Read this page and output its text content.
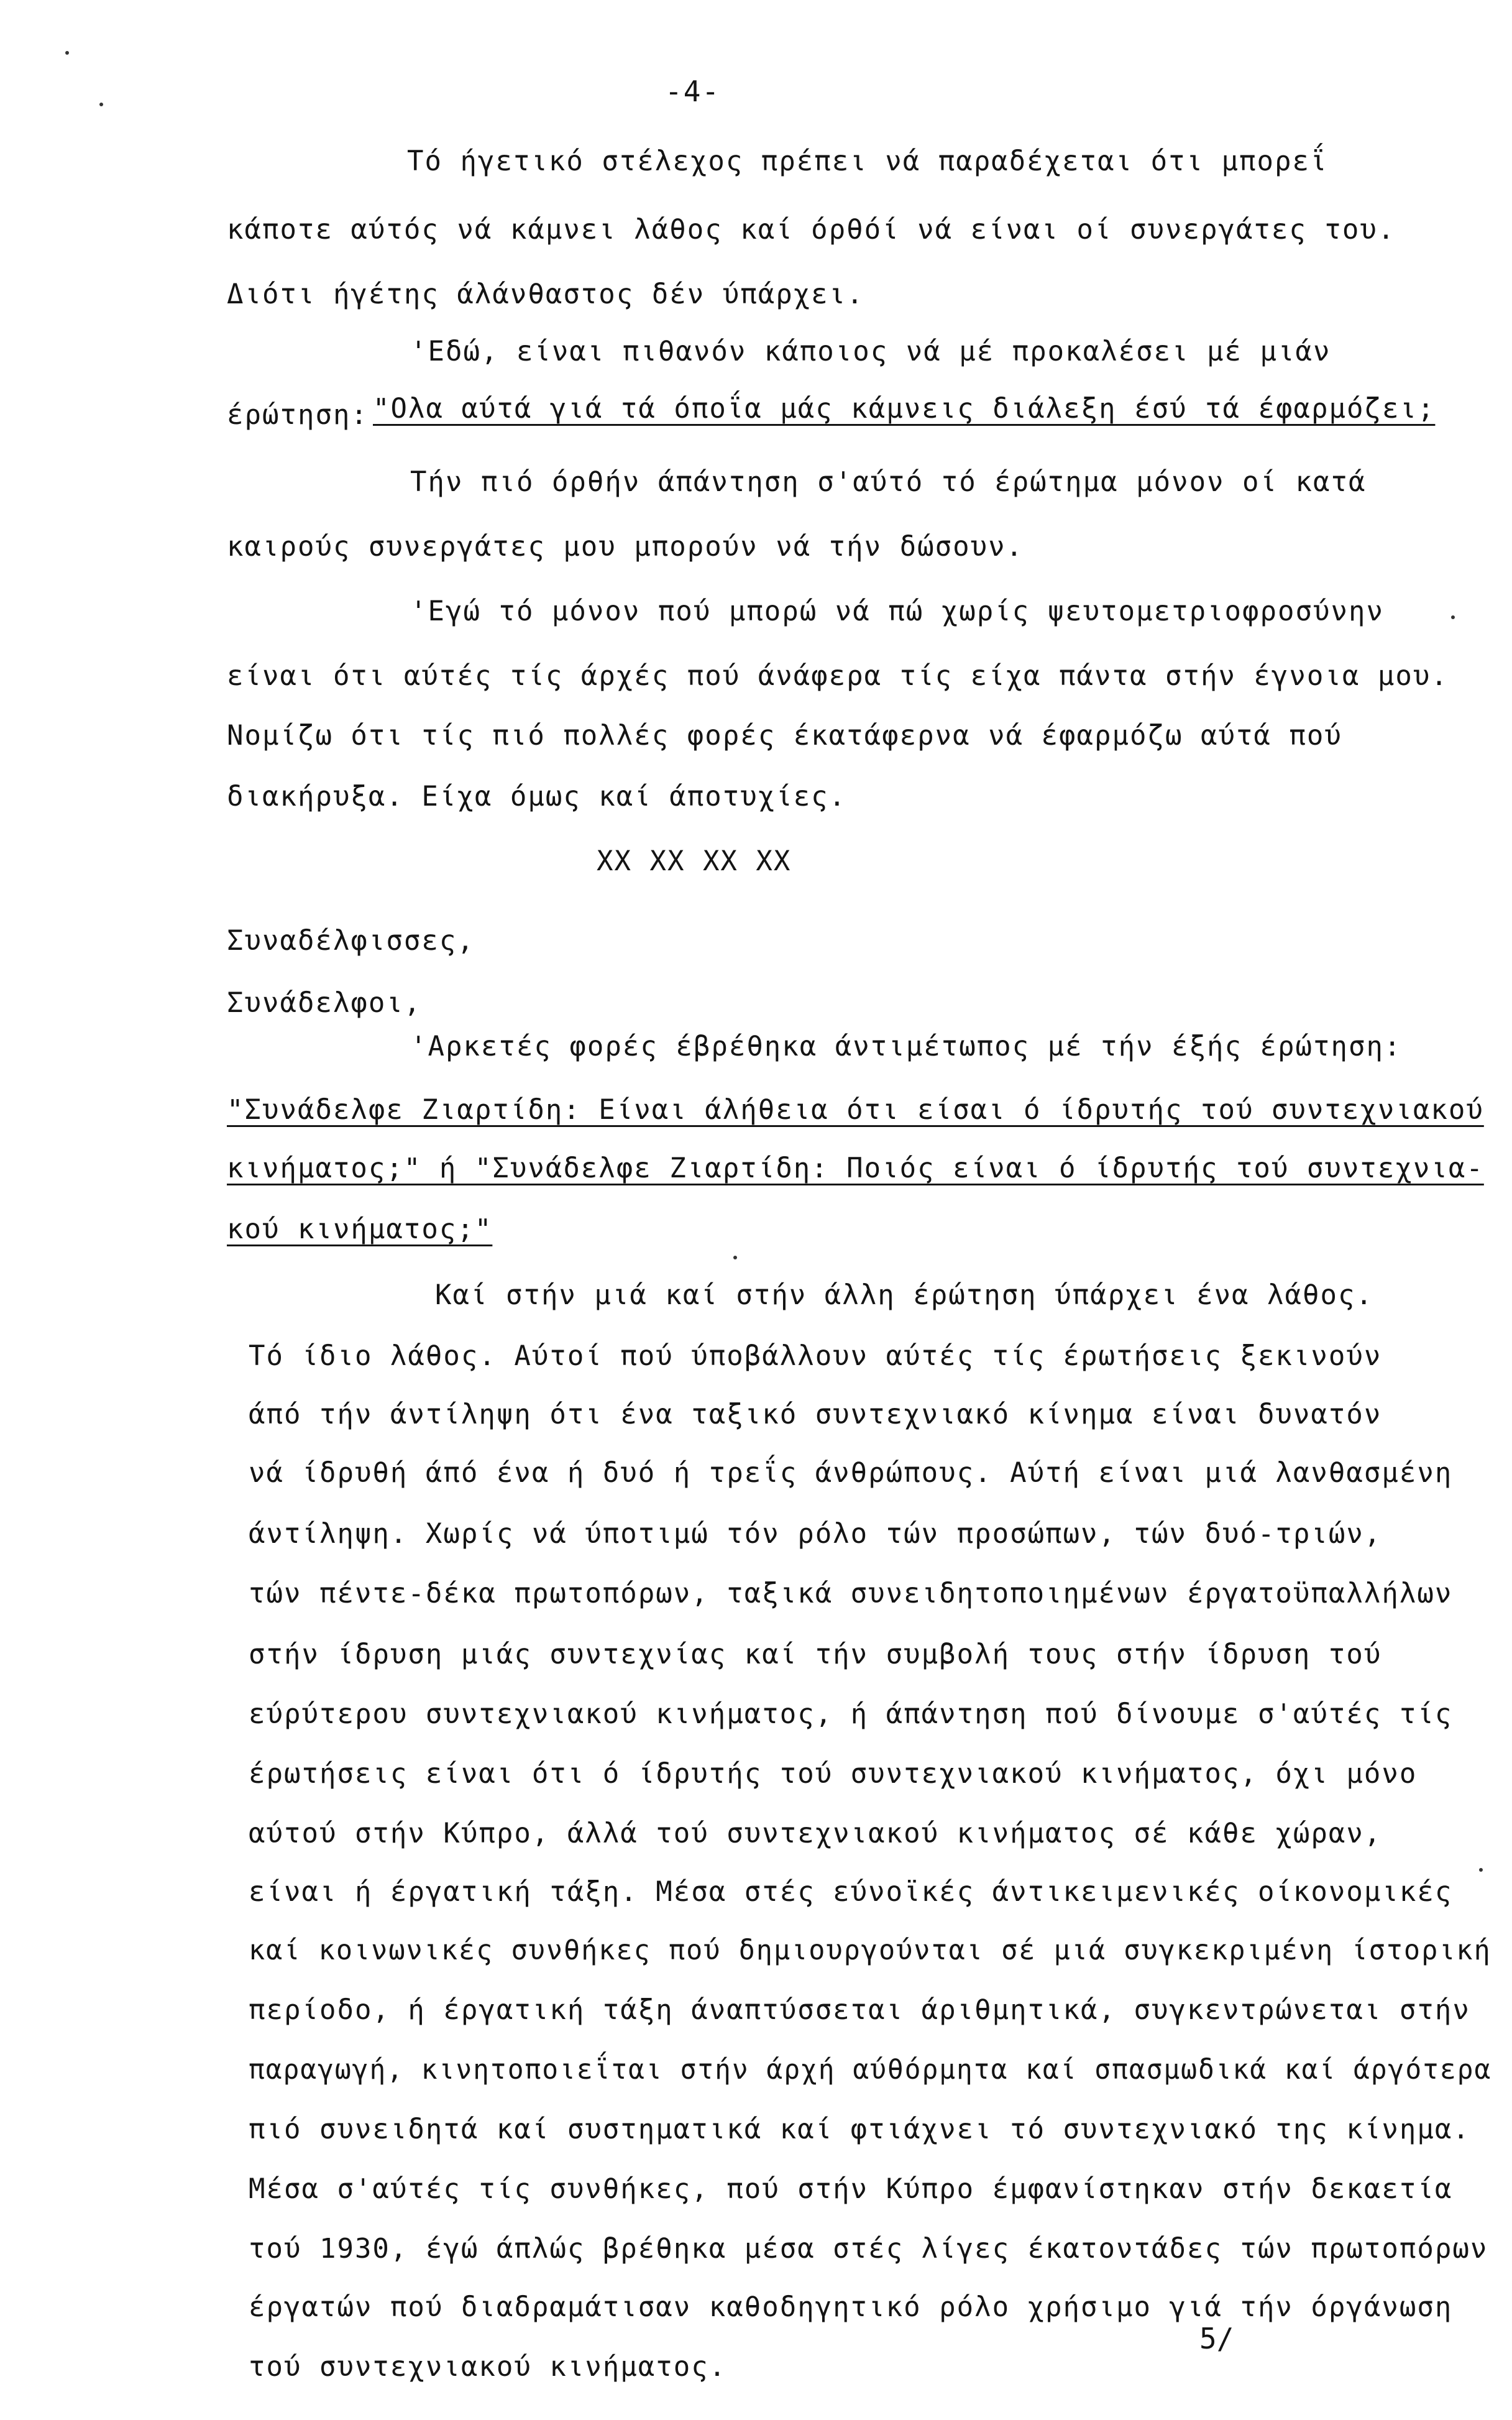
-4-
Τό ήγετικό στέλεχος πρέπει νά παραδέχεται ότι μπορεΐ
κάποτε αύτός νά κάμνει λάθος καί όρθόί νά είναι οί συνεργάτες του.
Διότι ήγέτης άλάνθαστος δέν ύπάρχει.
'Εδώ, είναι πιθανόν κάποιος νά μέ προκαλέσει μέ μιάν
έρώτηση: "Ολα αύτά γιά τά όποΐα μάς κάμνεις διάλεξη έσύ τά έφαρμόζει;
Τήν πιό όρθήν άπάντηση σ'αύτό τό έρώτημα μόνον οί κατά
καιρούς συνεργάτες μου μπορούν νά τήν δώσουν.
'Εγώ τό μόνον πού μπορώ νά πώ χωρίς ψευτομετριοφροσύνην
είναι ότι αύτές τίς άρχές πού άνάφερα τίς είχα πάντα στήν έγνοια μου.
Νομίζω ότι τίς πιό πολλές φορές έκατάφερνα νά έφαρμόζω αύτά πού
διακήρυξα. Είχα όμως καί άποτυχίες.
ΧΧ ΧΧ ΧΧ ΧΧ
Συναδέλφισσες,
Συνάδελφοι,
'Αρκετές φορές έβρέθηκα άντιμέτωπος μέ τήν έξής έρώτηση:
"Συνάδελφε Ζιαρτίδη: Είναι άλήθεια ότι είσαι ό ίδρυτής τού συντεχνιακού
κινήματος;" ή "Συνάδελφε Ζιαρτίδη: Ποιός είναι ό ίδρυτής τού συντεχνια-
κού κινήματος;"
Καί στήν μιά καί στήν άλλη έρώτηση ύπάρχει ένα λάθος.
Τό ίδιο λάθος. Αύτοί πού ύποβάλλουν αύτές τίς έρωτήσεις ξεκινούν
άπό τήν άντίληψη ότι ένα ταξικό συντεχνιακό κίνημα είναι δυνατόν
νά ίδρυθή άπό ένα ή δυό ή τρεΐς άνθρώπους. Αύτή είναι μιά λανθασμένη
άντίληψη. Χωρίς νά ύποτιμώ τόν ρόλο τών προσώπων, τών δυό-τριών,
τών πέντε-δέκα πρωτοπόρων, ταξικά συνειδητοποιημένων έργατοϋπαλλήλων
στήν ίδρυση μιάς συντεχνίας καί τήν συμβολή τους στήν ίδρυση τού
εύρύτερου συντεχνιακού κινήματος, ή άπάντηση πού δίνουμε σ'αύτές τίς
έρωτήσεις είναι ότι ό ίδρυτής τού συντεχνιακού κινήματος, όχι μόνο
αύτού στήν Κύπρο, άλλά τού συντεχνιακού κινήματος σέ κάθε χώραν,
είναι ή έργατική τάξη. Μέσα στές εύνοϊκές άντικειμενικές οίκονομικές
καί κοινωνικές συνθήκες πού δημιουργούνται σέ μιά συγκεκριμένη ίστορική
περίοδο, ή έργατική τάξη άναπτύσσεται άριθμητικά, συγκεντρώνεται στήν
παραγωγή, κινητοποιεΐται στήν άρχή αύθόρμητα καί σπασμωδικά καί άργότερα
πιό συνειδητά καί συστηματικά καί φτιάχνει τό συντεχνιακό της κίνημα.
Μέσα σ'αύτές τίς συνθήκες, πού στήν Κύπρο έμφανίστηκαν στήν δεκαετία
τού 1930, έγώ άπλώς βρέθηκα μέσα στές λίγες έκατοντάδες τών πρωτοπόρων
έργατών πού διαδραμάτισαν καθοδηγητικό ρόλο χρήσιμο γιά τήν όργάνωση
τού συντεχνιακού κινήματος.
5/
